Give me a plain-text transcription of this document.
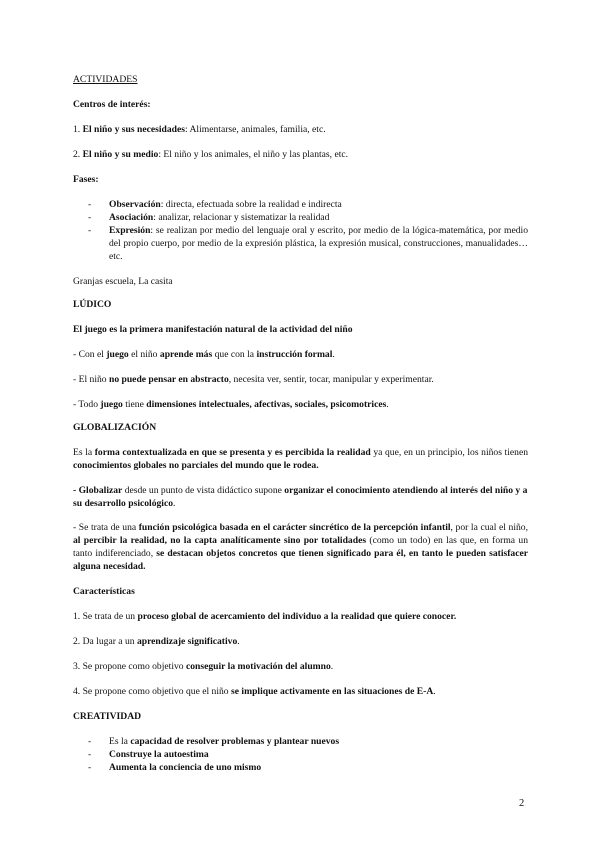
ACTIVIDADES
Centros de interés:
1. El niño y sus necesidades: Alimentarse, animales, familia, etc.
2. El niño y su medio: El niño y los animales, el niño y las plantas, etc.
Fases:
- Observación: directa, efectuada sobre la realidad e indirecta
- Asociación: analizar, relacionar y sistematizar la realidad
- Expresión: se realizan por medio del lenguaje oral y escrito, por medio de la lógica-matemática, por medio del propio cuerpo, por medio de la expresión plástica, la expresión musical, construcciones, manualidades…etc.
Granjas escuela, La casita
LÚDICO
El juego es la primera manifestación natural de la actividad del niño
- Con el juego el niño aprende más que con la instrucción formal.
- El niño no puede pensar en abstracto, necesita ver, sentir, tocar, manipular y experimentar.
- Todo juego tiene dimensiones intelectuales, afectivas, sociales, psicomotrices.
GLOBALIZACIÓN
Es la forma contextualizada en que se presenta y es percibida la realidad ya que, en un principio, los niños tienen conocimientos globales no parciales del mundo que le rodea.
- Globalizar desde un punto de vista didáctico supone organizar el conocimiento atendiendo al interés del niño y a su desarrollo psicológico.
- Se trata de una función psicológica basada en el carácter sincrético de la percepción infantil, por la cual el niño, al percibir la realidad, no la capta analíticamente sino por totalidades (como un todo) en las que, en forma un tanto indiferenciado, se destacan objetos concretos que tienen significado para él, en tanto le pueden satisfacer alguna necesidad.
Características
1. Se trata de un proceso global de acercamiento del individuo a la realidad que quiere conocer.
2. Da lugar a un aprendizaje significativo.
3. Se propone como objetivo conseguir la motivación del alumno.
4. Se propone como objetivo que el niño se implique activamente en las situaciones de E-A.
CREATIVIDAD
- Es la capacidad de resolver problemas y plantear nuevos
- Construye la autoestima
- Aumenta la conciencia de uno mismo
2
